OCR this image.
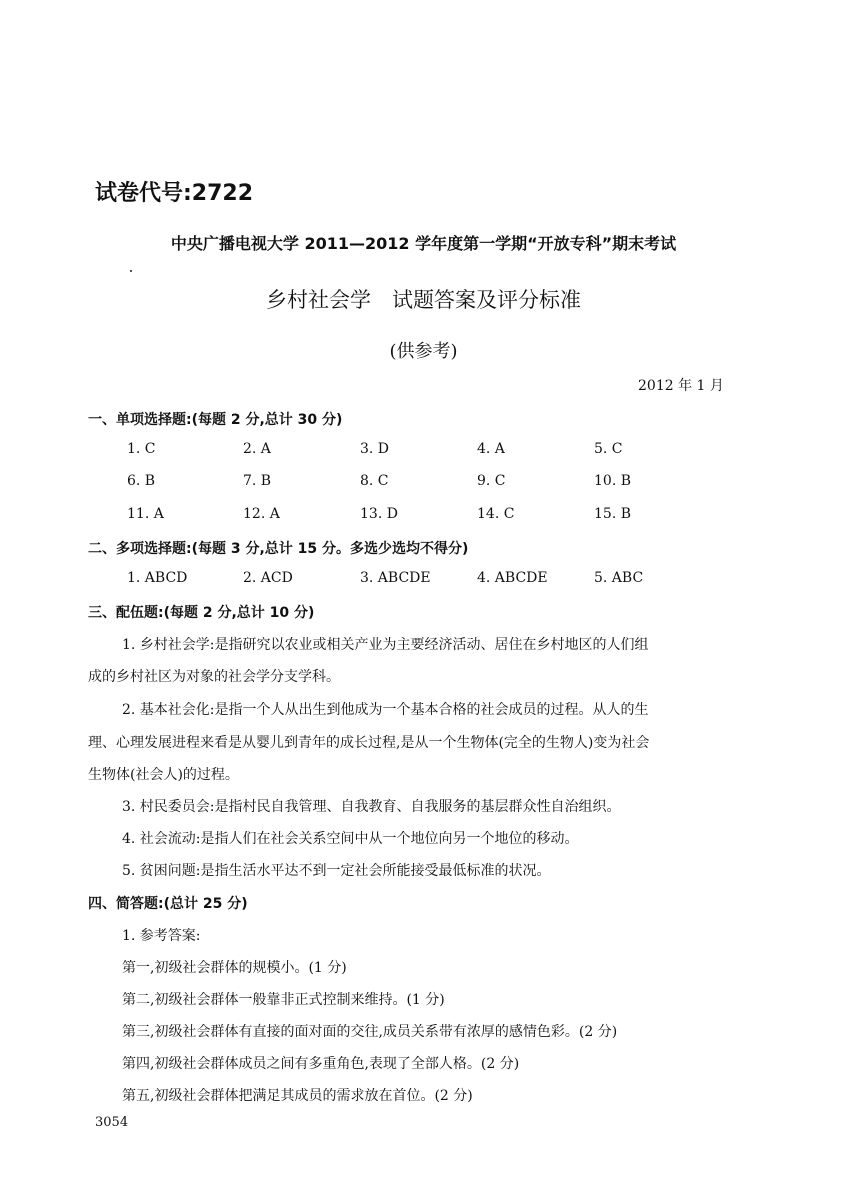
试卷代号:2722
中央广播电视大学 2011—2012 学年度第一学期“开放专科”期末考试
乡村社会学　试题答案及评分标准
(供参考)
2012 年 1 月
一、单项选择题:(每题 2 分,总计 30 分)
1. C	2. A	3. D	4. A	5. C
6. B	7. B	8. C	9. C	10. B
11. A	12. A	13. D	14. C	15. B
二、多项选择题:(每题 3 分,总计 15 分。多选少选均不得分)
1. ABCD	2. ACD	3. ABCDE	4. ABCDE	5. ABC
三、配伍题:(每题 2 分,总计 10 分)
1. 乡村社会学:是指研究以农业或相关产业为主要经济活动、居住在乡村地区的人们组
成的乡村社区为对象的社会学分支学科。
2. 基本社会化:是指一个人从出生到他成为一个基本合格的社会成员的过程。从人的生
理、心理发展进程来看是从婴儿到青年的成长过程,是从一个生物体(完全的生物人)变为社会
生物体(社会人)的过程。
3. 村民委员会:是指村民自我管理、自我教育、自我服务的基层群众性自治组织。
4. 社会流动:是指人们在社会关系空间中从一个地位向另一个地位的移动。
5. 贫困问题:是指生活水平达不到一定社会所能接受最低标准的状况。
四、简答题:(总计 25 分)
1. 参考答案:
第一,初级社会群体的规模小。(1 分)
第二,初级社会群体一般靠非正式控制来维持。(1 分)
第三,初级社会群体有直接的面对面的交往,成员关系带有浓厚的感情色彩。(2 分)
第四,初级社会群体成员之间有多重角色,表现了全部人格。(2 分)
第五,初级社会群体把满足其成员的需求放在首位。(2 分)
3054
